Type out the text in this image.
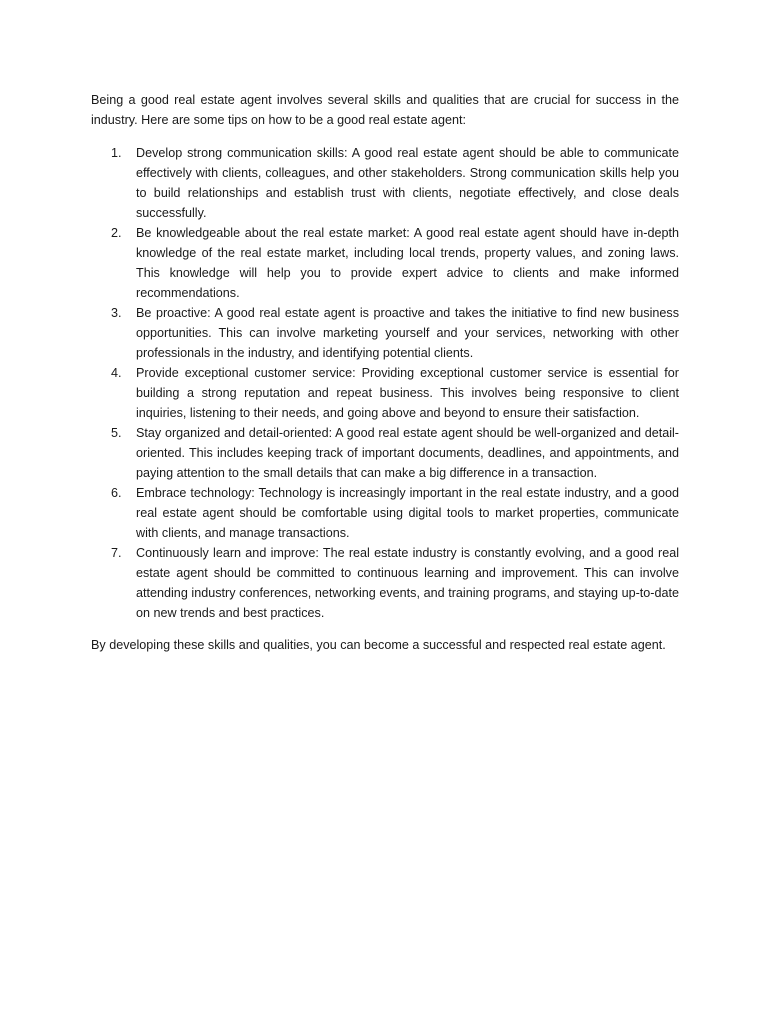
Being a good real estate agent involves several skills and qualities that are crucial for success in the industry. Here are some tips on how to be a good real estate agent:

1. Develop strong communication skills: A good real estate agent should be able to communicate effectively with clients, colleagues, and other stakeholders. Strong communication skills help you to build relationships and establish trust with clients, negotiate effectively, and close deals successfully.
2. Be knowledgeable about the real estate market: A good real estate agent should have in-depth knowledge of the real estate market, including local trends, property values, and zoning laws. This knowledge will help you to provide expert advice to clients and make informed recommendations.
3. Be proactive: A good real estate agent is proactive and takes the initiative to find new business opportunities. This can involve marketing yourself and your services, networking with other professionals in the industry, and identifying potential clients.
4. Provide exceptional customer service: Providing exceptional customer service is essential for building a strong reputation and repeat business. This involves being responsive to client inquiries, listening to their needs, and going above and beyond to ensure their satisfaction.
5. Stay organized and detail-oriented: A good real estate agent should be well-organized and detail-oriented. This includes keeping track of important documents, deadlines, and appointments, and paying attention to the small details that can make a big difference in a transaction.
6. Embrace technology: Technology is increasingly important in the real estate industry, and a good real estate agent should be comfortable using digital tools to market properties, communicate with clients, and manage transactions.
7. Continuously learn and improve: The real estate industry is constantly evolving, and a good real estate agent should be committed to continuous learning and improvement. This can involve attending industry conferences, networking events, and training programs, and staying up-to-date on new trends and best practices.

By developing these skills and qualities, you can become a successful and respected real estate agent.
